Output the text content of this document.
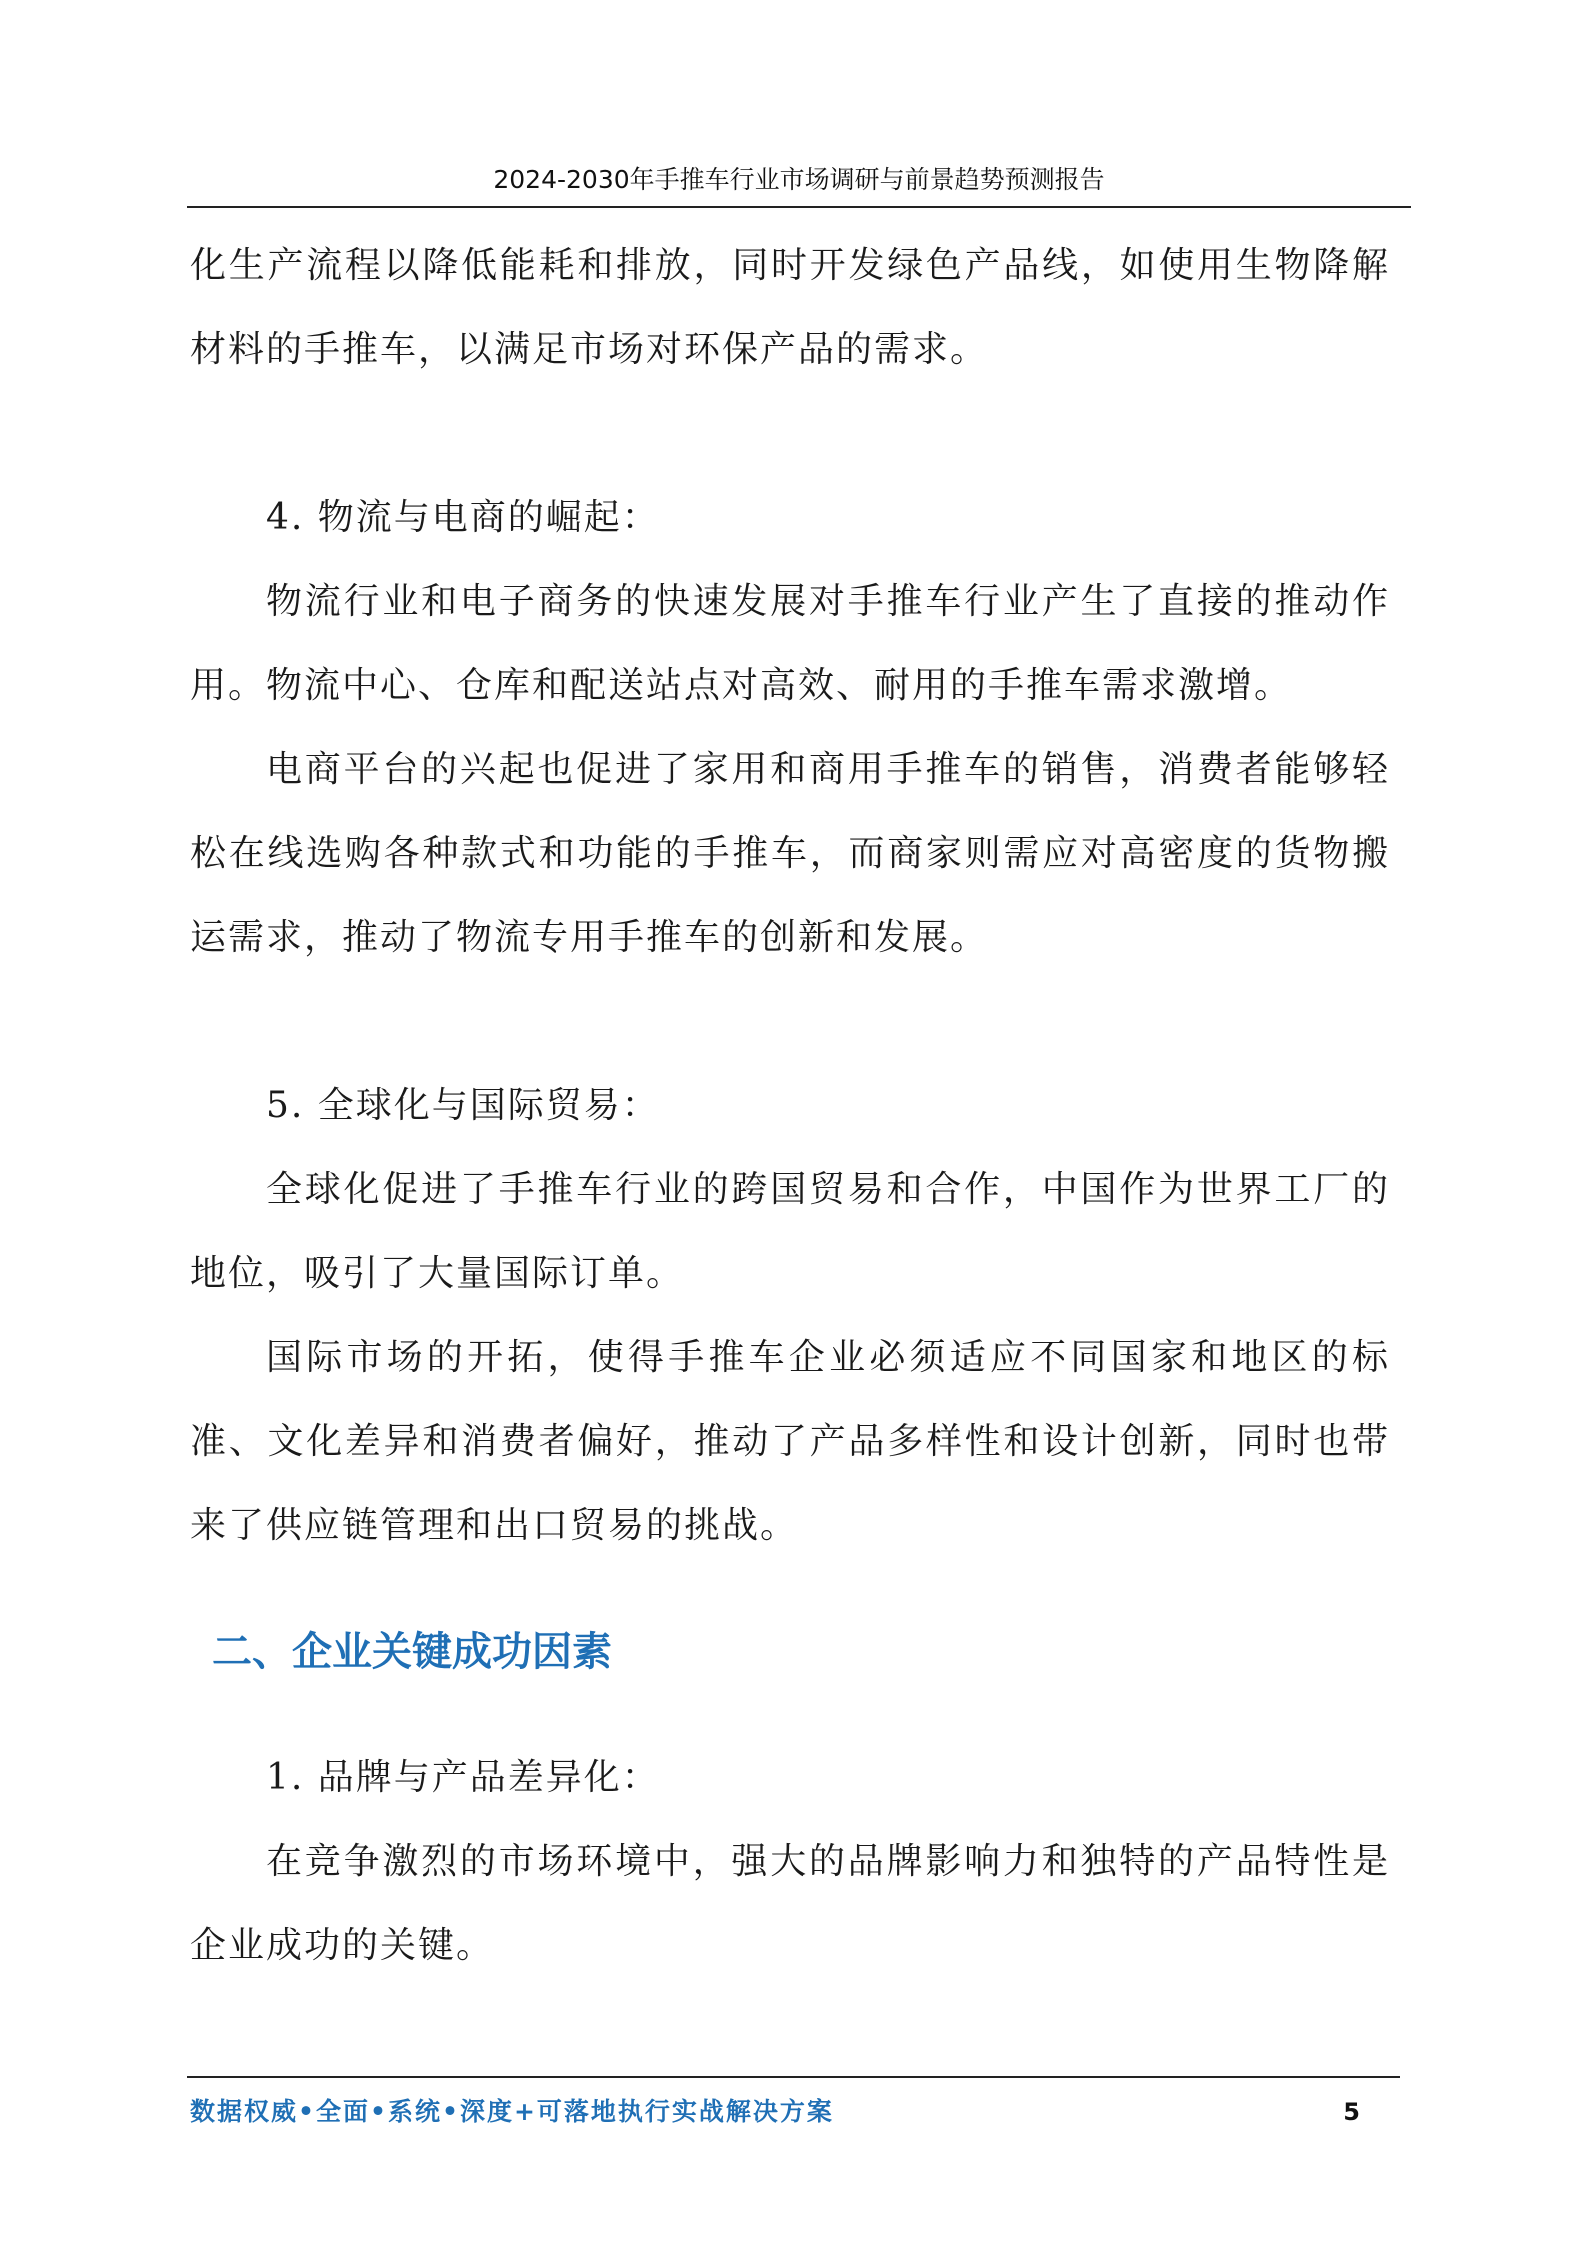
2024-2030年手推车行业市场调研与前景趋势预测报告

化生产流程以降低能耗和排放，同时开发绿色产品线，如使用生物降解材料的手推车，以满足市场对环保产品的需求。

4. 物流与电商的崛起：

物流行业和电子商务的快速发展对手推车行业产生了直接的推动作用。物流中心、仓库和配送站点对高效、耐用的手推车需求激增。

电商平台的兴起也促进了家用和商用手推车的销售，消费者能够轻松在线选购各种款式和功能的手推车，而商家则需应对高密度的货物搬运需求，推动了物流专用手推车的创新和发展。

5. 全球化与国际贸易：

全球化促进了手推车行业的跨国贸易和合作，中国作为世界工厂的地位，吸引了大量国际订单。

国际市场的开拓，使得手推车企业必须适应不同国家和地区的标准、文化差异和消费者偏好，推动了产品多样性和设计创新，同时也带来了供应链管理和出口贸易的挑战。

二、企业关键成功因素

1. 品牌与产品差异化：

在竞争激烈的市场环境中，强大的品牌影响力和独特的产品特性是企业成功的关键。

数据权威•全面•系统•深度+可落地执行实战解决方案	5
